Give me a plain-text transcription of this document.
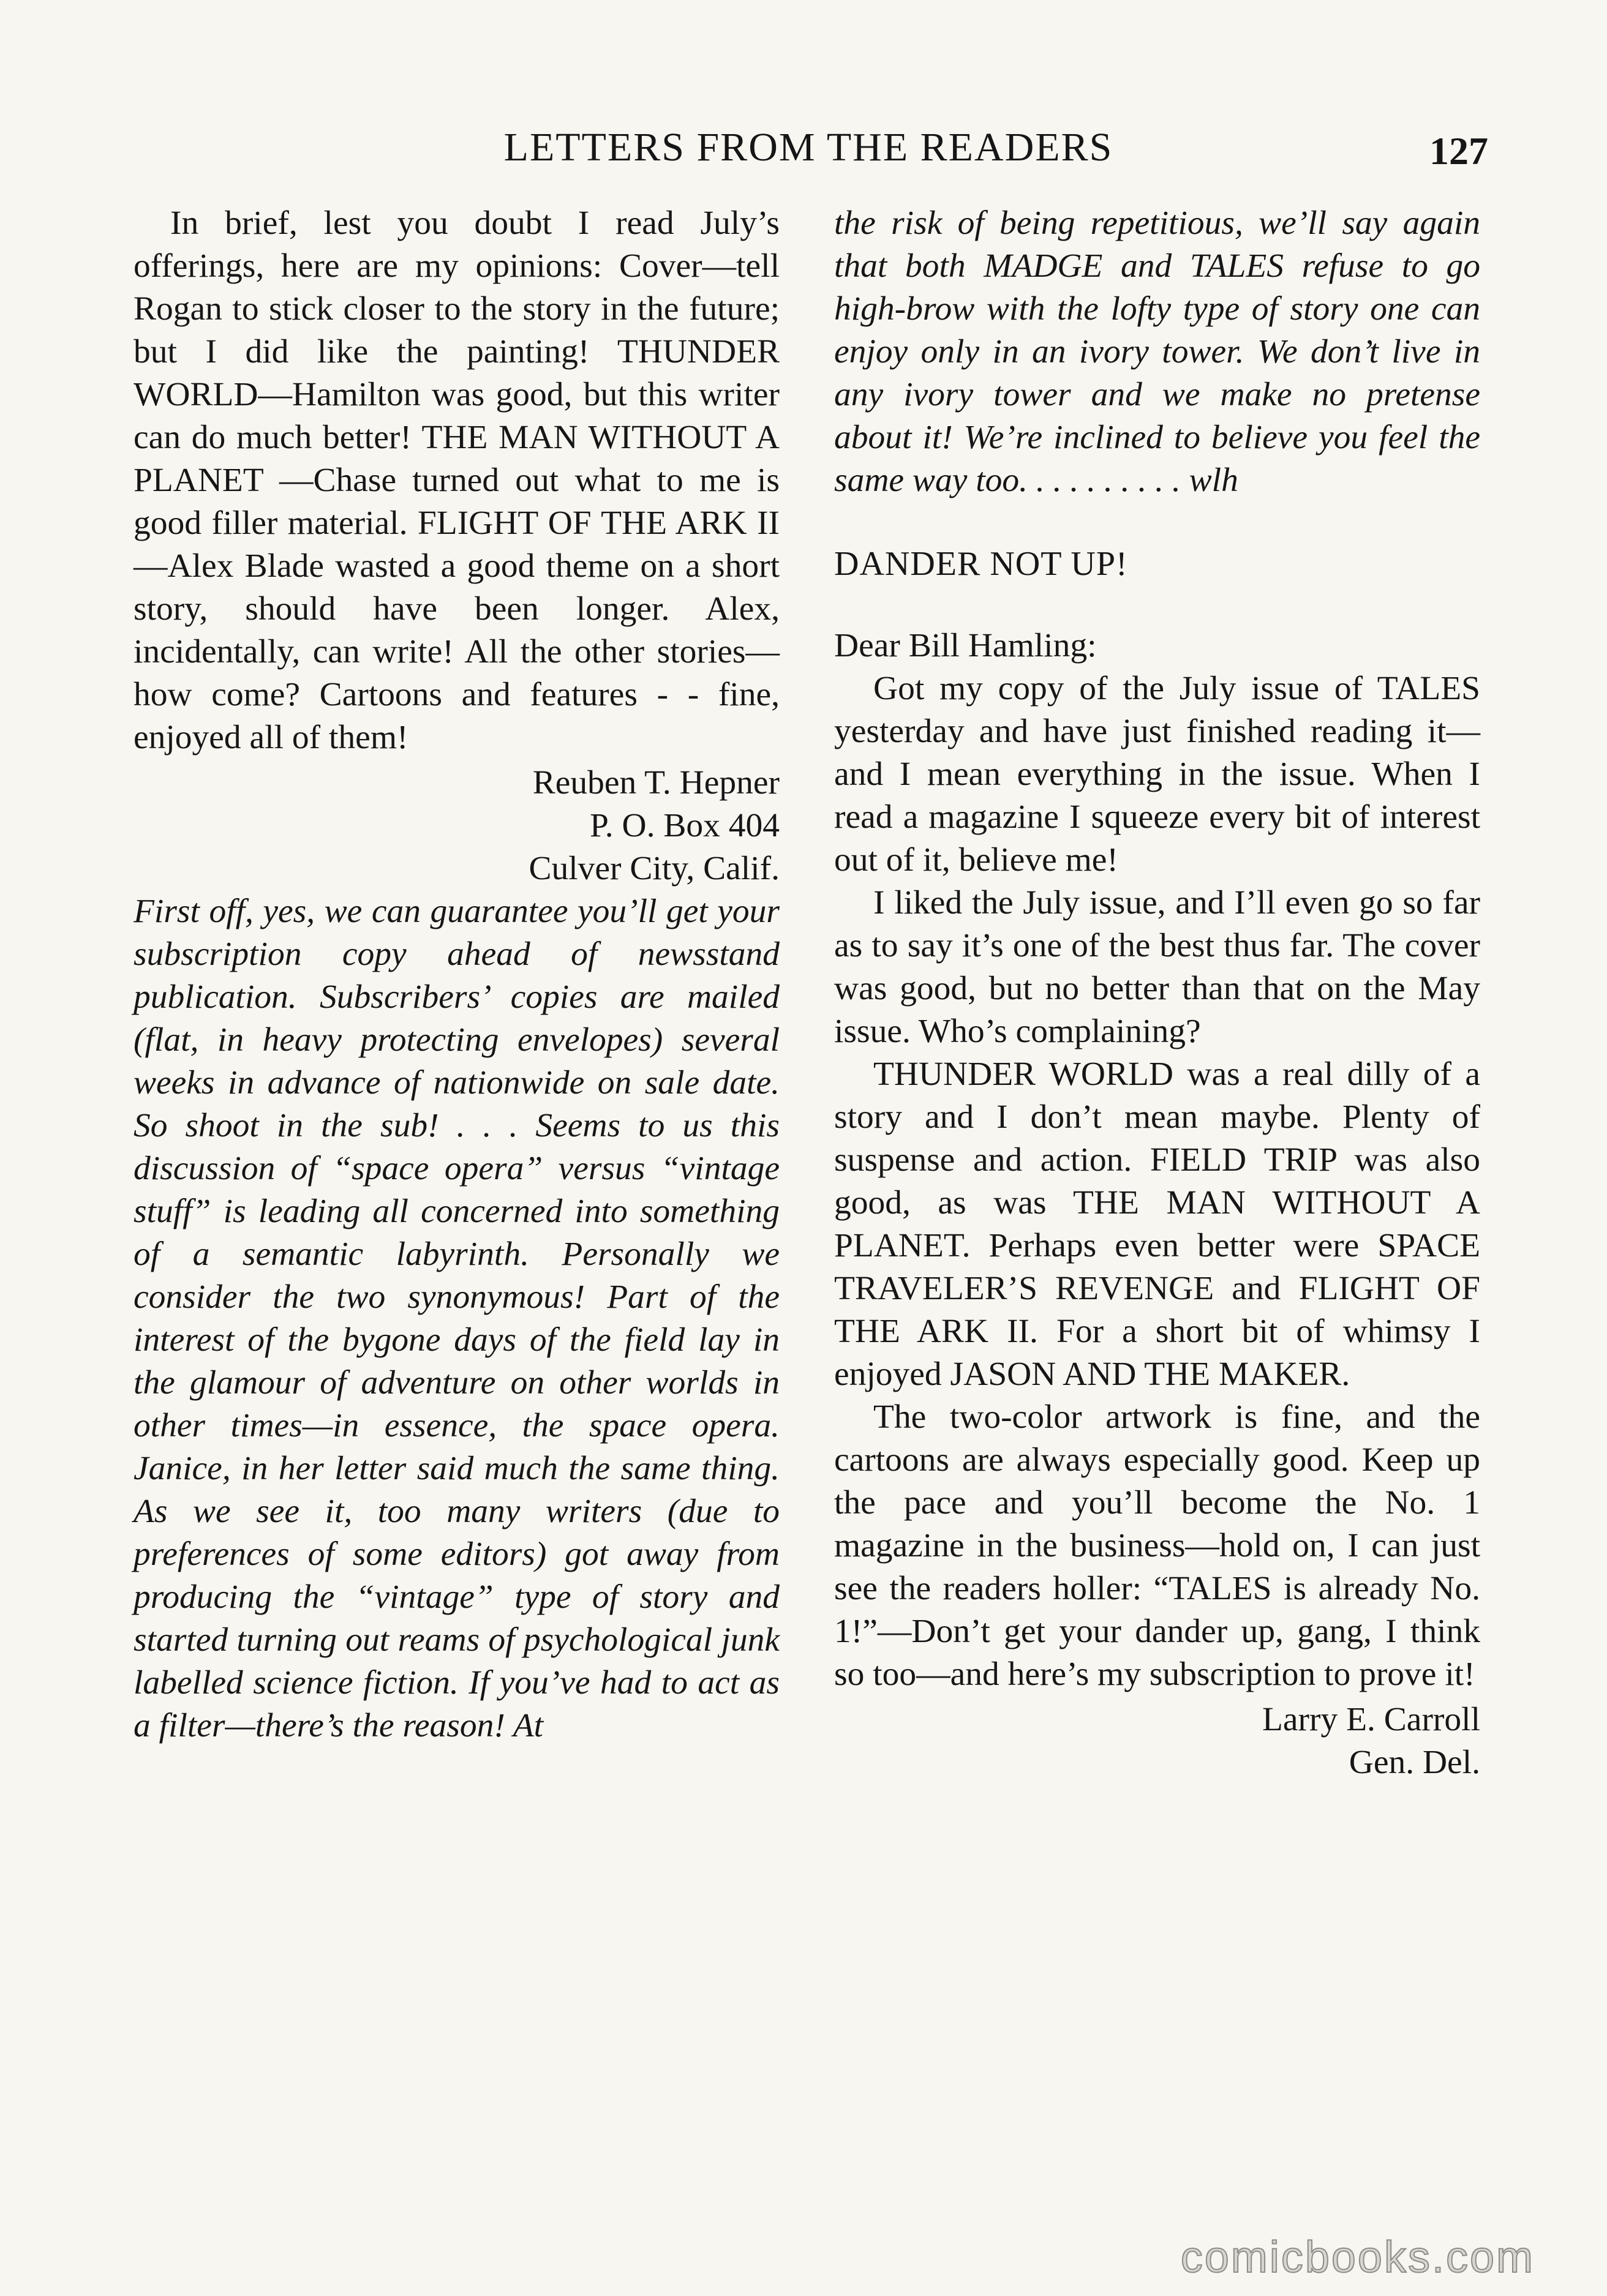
LETTERS FROM THE READERS	127

In brief, lest you doubt I read July’s offerings, here are my opinions: Cover—tell Rogan to stick closer to the story in the future; but I did like the painting! THUNDER WORLD—Hamilton was good, but this writer can do much better! THE MAN WITHOUT A PLANET —Chase turned out what to me is good filler material. FLIGHT OF THE ARK II—Alex Blade wasted a good theme on a short story, should have been longer. Alex, incidentally, can write! All the other stories—how come? Cartoons and features - - fine, enjoyed all of them!

Reuben T. Hepner
P. O. Box 404
Culver City, Calif.

First off, yes, we can guarantee you’ll get your subscription copy ahead of newsstand publication. Subscribers’ copies are mailed (flat, in heavy protecting envelopes) several weeks in advance of nationwide on sale date. So shoot in the sub! . . . Seems to us this discussion of “space opera” versus “vintage stuff” is leading all concerned into something of a semantic labyrinth. Personally we consider the two synonymous! Part of the interest of the bygone days of the field lay in the glamour of adventure on other worlds in other times—in essence, the space opera. Janice, in her letter said much the same thing. As we see it, too many writers (due to preferences of some editors) got away from producing the “vintage” type of story and started turning out reams of psychological junk labelled science fiction. If you’ve had to act as a filter—there’s the reason! At

the risk of being repetitious, we’ll say again that both MADGE and TALES refuse to go high-brow with the lofty type of story one can enjoy only in an ivory tower. We don’t live in any ivory tower and we make no pretense about it! We’re inclined to believe you feel the same way too. . . . . . . . . . wlh

DANDER NOT UP!
Dear Bill Hamling:

Got my copy of the July issue of TALES yesterday and have just finished reading it—and I mean everything in the issue. When I read a magazine I squeeze every bit of interest out of it, believe me!

I liked the July issue, and I’ll even go so far as to say it’s one of the best thus far. The cover was good, but no better than that on the May issue. Who’s complaining?

THUNDER WORLD was a real dilly of a story and I don’t mean maybe. Plenty of suspense and action. FIELD TRIP was also good, as was THE MAN WITHOUT A PLANET. Perhaps even better were SPACE TRAVELER’S REVENGE and FLIGHT OF THE ARK II. For a short bit of whimsy I enjoyed JASON AND THE MAKER.

The two-color artwork is fine, and the cartoons are always especially good. Keep up the pace and you’ll become the No. 1 magazine in the business—hold on, I can just see the readers holler: “TALES is already No. 1!”—Don’t get your dander up, gang, I think so too—and here’s my subscription to prove it!

Larry E. Carroll
Gen. Del.
comicbooks.com
